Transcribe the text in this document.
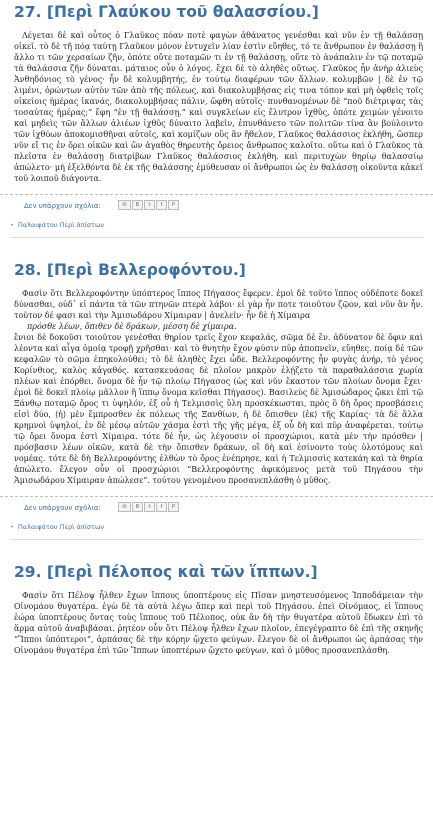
27. [Περὶ Γλαύκου τοῦ θαλασσίου.]

Λέγεται δὲ καὶ οὗτος ὁ Γλαῦκος πόαν ποτὲ φαγὼν ἀθάνατος γενέσθαι καὶ νῦν ἐν τῇ θαλάσσῃ οἰκεῖ. τὸ δὲ τῆ πόᾳ ταύτῃ Γλαῦκον μόνον ἐντυχεῖν λίαν ἐστὶν εὔηθες, τό τε ἄνθρωπον ἐν θαλάσσῃ ἢ ἄλλο τι τῶν χερσαίων ζῆν, ὁπότε οὔτε ποταμῶν τι ἐν τῇ θαλάσσῃ, οὔτε τὸ ἀνάπαλιν ἐν τῷ ποταμῷ τὰ θαλάσσια ζῆν δύναται. μάταιος οὖν ὁ λόγος. ἔχει δὲ τὸ ἀληθὲς οὕτως. Γλαῦκος ἦν ἀνὴρ ἁλιεὺς Ἀνθηδόνιος τὸ γένος· ἦν δὲ κολυμβητής, ἐν τούτῳ διαφέρων τῶν ἄλλων. κολυμβῶν | δὲ ἐν τῷ λιμένι, ὁρώντων αὐτὸν τῶν ἀπὸ τῆς πόλεως, καὶ διακολυμβήσας εἰς τινα τόπον καὶ μὴ ὀφθεὶς τοῖς οἰκείοις ἡμέρας ἱκανάς, διακολυμβήσας πάλιν, ὤφθη αὐτοῖς· πυνθανομένων δὲ “ποῦ διέτριψας τὰς τοσαύτας ἡμέρας;” ἔφη “ἐν τῇ θαλάσσῃ.” καὶ συγκλείων εἰς ἔλυτρον ἰχθῦς, ὁπότε χειμὼν γένοιτο καὶ μηδεὶς τῶν ἄλλων ἁλιέων ἰχθῦς δύναιτο λαβεῖν, ἐπυνθάνετο τῶν πολιτῶν τίνα ἂν βούλοιντο τῶν ἰχθύων ἀποκομισθῆναι αὐτοῖς, καὶ κομίζων οὓς ἂν ἤθελον, Γλαῦκος θαλάσσιος ἐκλήθη, ὥσπερ νῦν εἴ τις ἐν ὄρει οἰκῶν καὶ ὢν ἀγαθὸς θηρευτὴς ὄρειος ἄνθρωπος καλοῖτο. οὕτω καὶ ὁ Γλαῦκος τὰ πλεῖστα ἐν θαλάσσῃ διατρίβων Γλαῦκος θαλάσσιος ἐκλήθη. καὶ περιτυχὼν θηρίῳ θαλασσίῳ ἀπώλετο· μὴ ἐξελθόντα δὲ ἐκ τῆς θαλάσσης ἐμύθευσαν οἱ ἄνθρωποι ὡς ἐν θαλάσσῃ οἰκοῦντα κἀκεῖ τοῦ λοιποῦ διάγοντα.

Δεν υπάρχουν σχόλια:	✉	B	t	f	P
• Παλαιφάτου Περὶ ἀπίστων
28. [Περὶ Βελλεροφόντου.]

Φασὶν ὅτι Βελλεροφόντην ὑπόπτερος ἵππος Πήγασος ἔφερεν. ἐμοὶ δὲ τοῦτο ἵππος οὐδέποτε δοκεῖ δύνασθαι, οὐδ᾽ εἰ πάντα τὰ τῶν πτηνῶν πτερὰ λάβοι· εἰ γὰρ ἦν ποτε τοιοῦτον ζῷον, καὶ νῦν ἂν ἦν. τοῦτον δέ φασι καὶ τὴν Ἀμισωδάρου Χίμαιραν | ἀνελεῖν· ἦν δὲ ἡ Χίμαιρα

πρόσθε λέων, ὄπιθεν δὲ δράκων, μέσση δὲ χίμαιρα.

ἔνιοι δὲ δοκοῦσι τοιοῦτον γενέσθαι θηρίον τρεῖς ἔχον κεφαλάς, σῶμα δὲ ἕν. ἀδύνατον δὲ ὄφιν καὶ λέοντα καὶ αἶγα ὁμοίᾳ τροφῇ χρῆσθαι· καὶ τὸ θνητὴν ἔχον φύσιν πῦρ ἀποπνεῖν, εὔηθες. ποίᾳ δὲ τῶν κεφαλῶν τὸ σῶμα ἐπηκολούθει; τὸ δὲ ἀληθὲς ἔχει ὧδε. Βελλεροφόντης ἦν φυγὰς ἀνήρ, τὸ γένος Κορίνθιος, καλὸς κἀγαθός. κατασκευάσας δὲ πλοῖον μακρὸν ἐλῄζετο τὰ παραθαλάσσια χωρία πλέων καὶ ἐπόρθει. ὄνομα δὲ ἦν τῷ πλοίῳ Πήγασος (ὡς καὶ νῦν ἕκαστον τῶν πλοίων ὄνομα ἔχει· ἐμοὶ δὲ δοκεῖ πλοίῳ μᾶλλον ἢ ἵππῳ ὄνομα κεῖσθαι Πήγασος). Βασιλεὺς δὲ Ἀμισώδαρος ᾤκει ἐπὶ τῷ Ξάνθῳ ποταμῷ ὄρος τι ὑψηλόν, ἐξ οὗ ἡ Τελμισσὶς ὕλη προσκέκωσται, πρὸς ὃ δὴ ὄρος προσβάσεις εἰσὶ δύο, ⟨ἡ⟩ μὲν ἔμπροσθεν ἐκ πόλεως τῆς Ξανθίων, ἡ δὲ ὄπισθεν ⟨ἐκ⟩ τῆς Καρίας· τὰ δὲ ἄλλα κρημνοὶ ὑψηλοί, ἐν δὲ μέσῳ αὐτῶν χάσμα ἐστὶ τῆς γῆς μέγα, ἐξ οὗ δὴ καὶ πῦρ ἀναφέρεται. τούτῳ τῷ ὄρει ὄνομα ἐστὶ Χίμαιρα. τότε δὲ ἦν, ὡς λέγουσιν οἱ προσχώριοι, κατὰ μὲν τὴν πρόσθεν | πρόσβασιν λέων οἰκῶν, κατὰ δὲ τὴν ὄπισθεν δράκων, οἳ δὴ καὶ ἐσίνοντο τοὺς ὑλοτόμους καὶ νομέας. τότε δὲ δὴ Βελλεροφόντης ἐλθὼν τὸ ὄρος ἐνέπρησε, καὶ ἡ Τελμισσὶς κατεκάη καὶ τὰ θηρία ἀπώλετο. ἔλεγον οὖν οἱ προσχώριοι “Βελλεροφόντης ἀφικόμενος μετὰ τοῦ Πηγάσου τὴν Ἀμισωδάρου Χίμαιραν ἀπώλεσε”. τούτου γενομένου προσανεπλάσθη ὁ μῦθος.

Δεν υπάρχουν σχόλια:	✉	B	t	f	P
• Παλαιφάτου Περὶ ἀπίστων
29. [Περὶ Πέλοπος καὶ τῶν ἵππων.]

Φασὶν ὅτι Πέλοψ ἦλθεν ἔχων ἵππους ὑποπτέρους εἰς Πῖσαν μνηστευσόμενος Ἱπποδάμειαν τὴν Οἰνομάου θυγατέρα. ἐγὼ δὲ τὰ αὐτὰ λέγω ἅπερ καὶ περὶ τοῦ Πηγάσου. ἐπεὶ Οἰνόμαος, εἰ ἵππους ἑώρα ὑποπτέρους ὄντας τοὺς ἵππους τοῦ Πέλοπος, οὐκ ἂν δὴ τὴν θυγατέρα αὐτοῦ ἔδωκεν ἐπὶ τὸ ἅρμα αὐτοῦ ἀναβιβάσαι. ῥητέον οὖν ὅτι Πέλοψ ἦλθεν ἔχων πλοῖον, ἐπεγέγραπτο δὲ ἐπὶ τῆς σκηνῆς “Ἵπποι ὑπόπτεροι”, ἁρπάσας δὲ τὴν κόρην ᾤχετο φεύγων. ἔλεγον δὲ οἱ ἄνθρωποι ὡς ἁρπάσας τὴν Οἰνομάου θυγατέρα ἐπὶ τῶν Ἵππων ὑποπτέρων ᾤχετο φεύγων, καὶ ὁ μῦθος προσανεπλάσθη.
